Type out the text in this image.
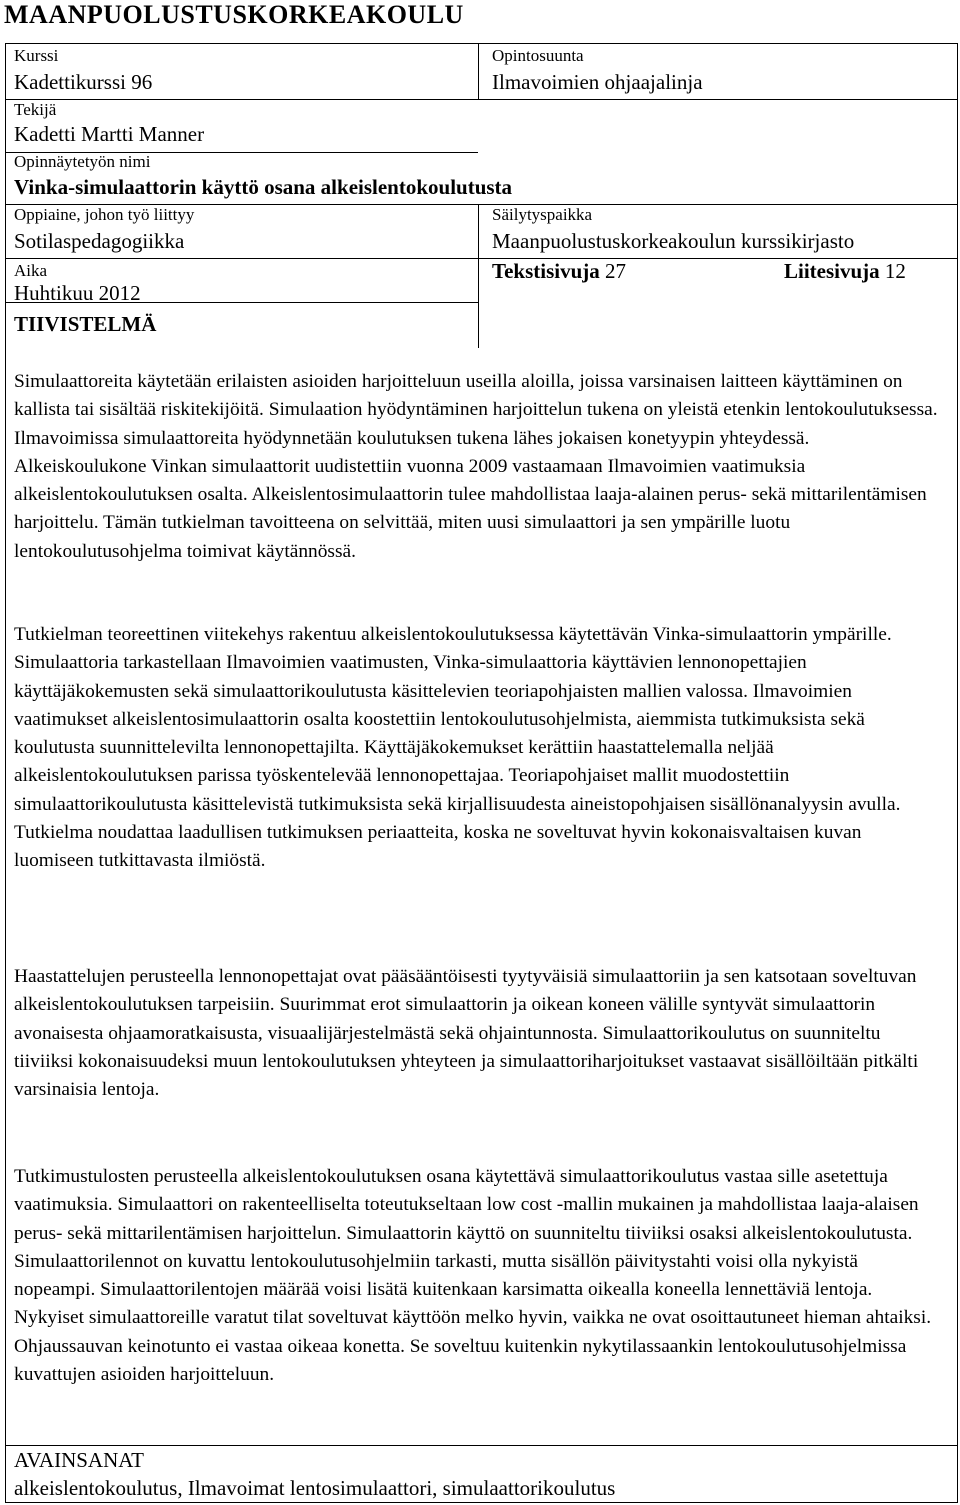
MAANPUOLUSTUSKORKEAKOULU
Kurssi
Kadettikurssi 96
Opintosuunta
Ilmavoimien ohjaajalinja
Tekijä
Kadetti Martti Manner
Opinnäytetyön nimi
Vinka-simulaattorin käyttö osana alkeislentokoulutusta
Oppiaine, johon työ liittyy
Sotilaspedagogiikka
Säilytyspaikka
Maanpuolustuskorkeakoulun kurssikirjasto
Aika
Huhtikuu 2012
Tekstisivuja 27	Liitesivuja 12
TIIVISTELMÄ
Simulaattoreita käytetään erilaisten asioiden harjoitteluun useilla aloilla, joissa varsinaisen laitteen käyttäminen on kallista tai sisältää riskitekijöitä. Simulaation hyödyntäminen harjoittelun tukena on yleistä etenkin lentokoulutuksessa. Ilmavoimissa simulaattoreita hyödynnetään koulutuksen tukena lähes jokaisen konetyypin yhteydessä. Alkeiskoulukone Vinkan simulaattorit uudistettiin vuonna 2009 vastaamaan Ilmavoimien vaatimuksia alkeislentokoulutuksen osalta. Alkeislentosimulaattorin tulee mahdollistaa laaja-alainen perus- sekä mittarilentämisen harjoittelu. Tämän tutkielman tavoitteena on selvittää, miten uusi simulaattori ja sen ympärille luotu lentokoulutusohjelma toimivat käytännössä.
Tutkielman teoreettinen viitekehys rakentuu alkeislentokoulutuksessa käytettävän Vinka-simulaattorin ympärille. Simulaattoria tarkastellaan Ilmavoimien vaatimusten, Vinka-simulaattoria käyttävien lennonopettajien käyttäjäkokemusten sekä simulaattorikoulutusta käsittelevien teoriapohjaisten mallien valossa. Ilmavoimien vaatimukset alkeislentosimulaattorin osalta koostettiin lentokoulutusohjelmista, aiemmista tutkimuksista sekä koulutusta suunnittelevilta lennonopettajilta. Käyttäjäkokemukset kerättiin haastattelemalla neljää alkeislentokoulutuksen parissa työskentelevää lennonopettajaa. Teoriapohjaiset mallit muodostettiin simulaattorikoulutusta käsittelevistä tutkimuksista sekä kirjallisuudesta aineistopohjaisen sisällönanalyysin avulla. Tutkielma noudattaa laadullisen tutkimuksen periaatteita, koska ne soveltuvat hyvin kokonaisvaltaisen kuvan luomiseen tutkittavasta ilmiöstä.
Haastattelujen perusteella lennonopettajat ovat pääsääntöisesti tyytyväisiä simulaattoriin ja sen katsotaan soveltuvan alkeislentokoulutuksen tarpeisiin. Suurimmat erot simulaattorin ja oikean koneen välille syntyvät simulaattorin avonaisesta ohjaamoratkaisusta, visuaalijärjestelmästä sekä ohjaintunnosta. Simulaattorikoulutus on suunniteltu tiiviiksi kokonaisuudeksi muun lentokoulutuksen yhteyteen ja simulaattoriharjoitukset vastaavat sisällöiltään pitkälti varsinaisia lentoja.
Tutkimustulosten perusteella alkeislentokoulutuksen osana käytettävä simulaattorikoulutus vastaa sille asetettuja vaatimuksia. Simulaattori on rakenteelliselta toteutukseltaan low cost -mallin mukainen ja mahdollistaa laaja-alaisen perus- sekä mittarilentämisen harjoittelun. Simulaattorin käyttö on suunniteltu tiiviiksi osaksi alkeislentokoulutusta. Simulaattorilennot on kuvattu lentokoulutusohjelmiin tarkasti, mutta sisällön päivitystahti voisi olla nykyistä nopeampi. Simulaattorilentojen määrää voisi lisätä kuitenkaan karsimatta oikealla koneella lennettäviä lentoja. Nykyiset simulaattoreille varatut tilat soveltuvat käyttöön melko hyvin, vaikka ne ovat osoittautuneet hieman ahtaiksi. Ohjaussauvan keinotunto ei vastaa oikeaa konetta. Se soveltuu kuitenkin nykytilassaankin lentokoulutusohjelmissa kuvattujen asioiden harjoitteluun.
AVAINSANAT
alkeislentokoulutus, Ilmavoimat lentosimulaattori, simulaattorikoulutus
